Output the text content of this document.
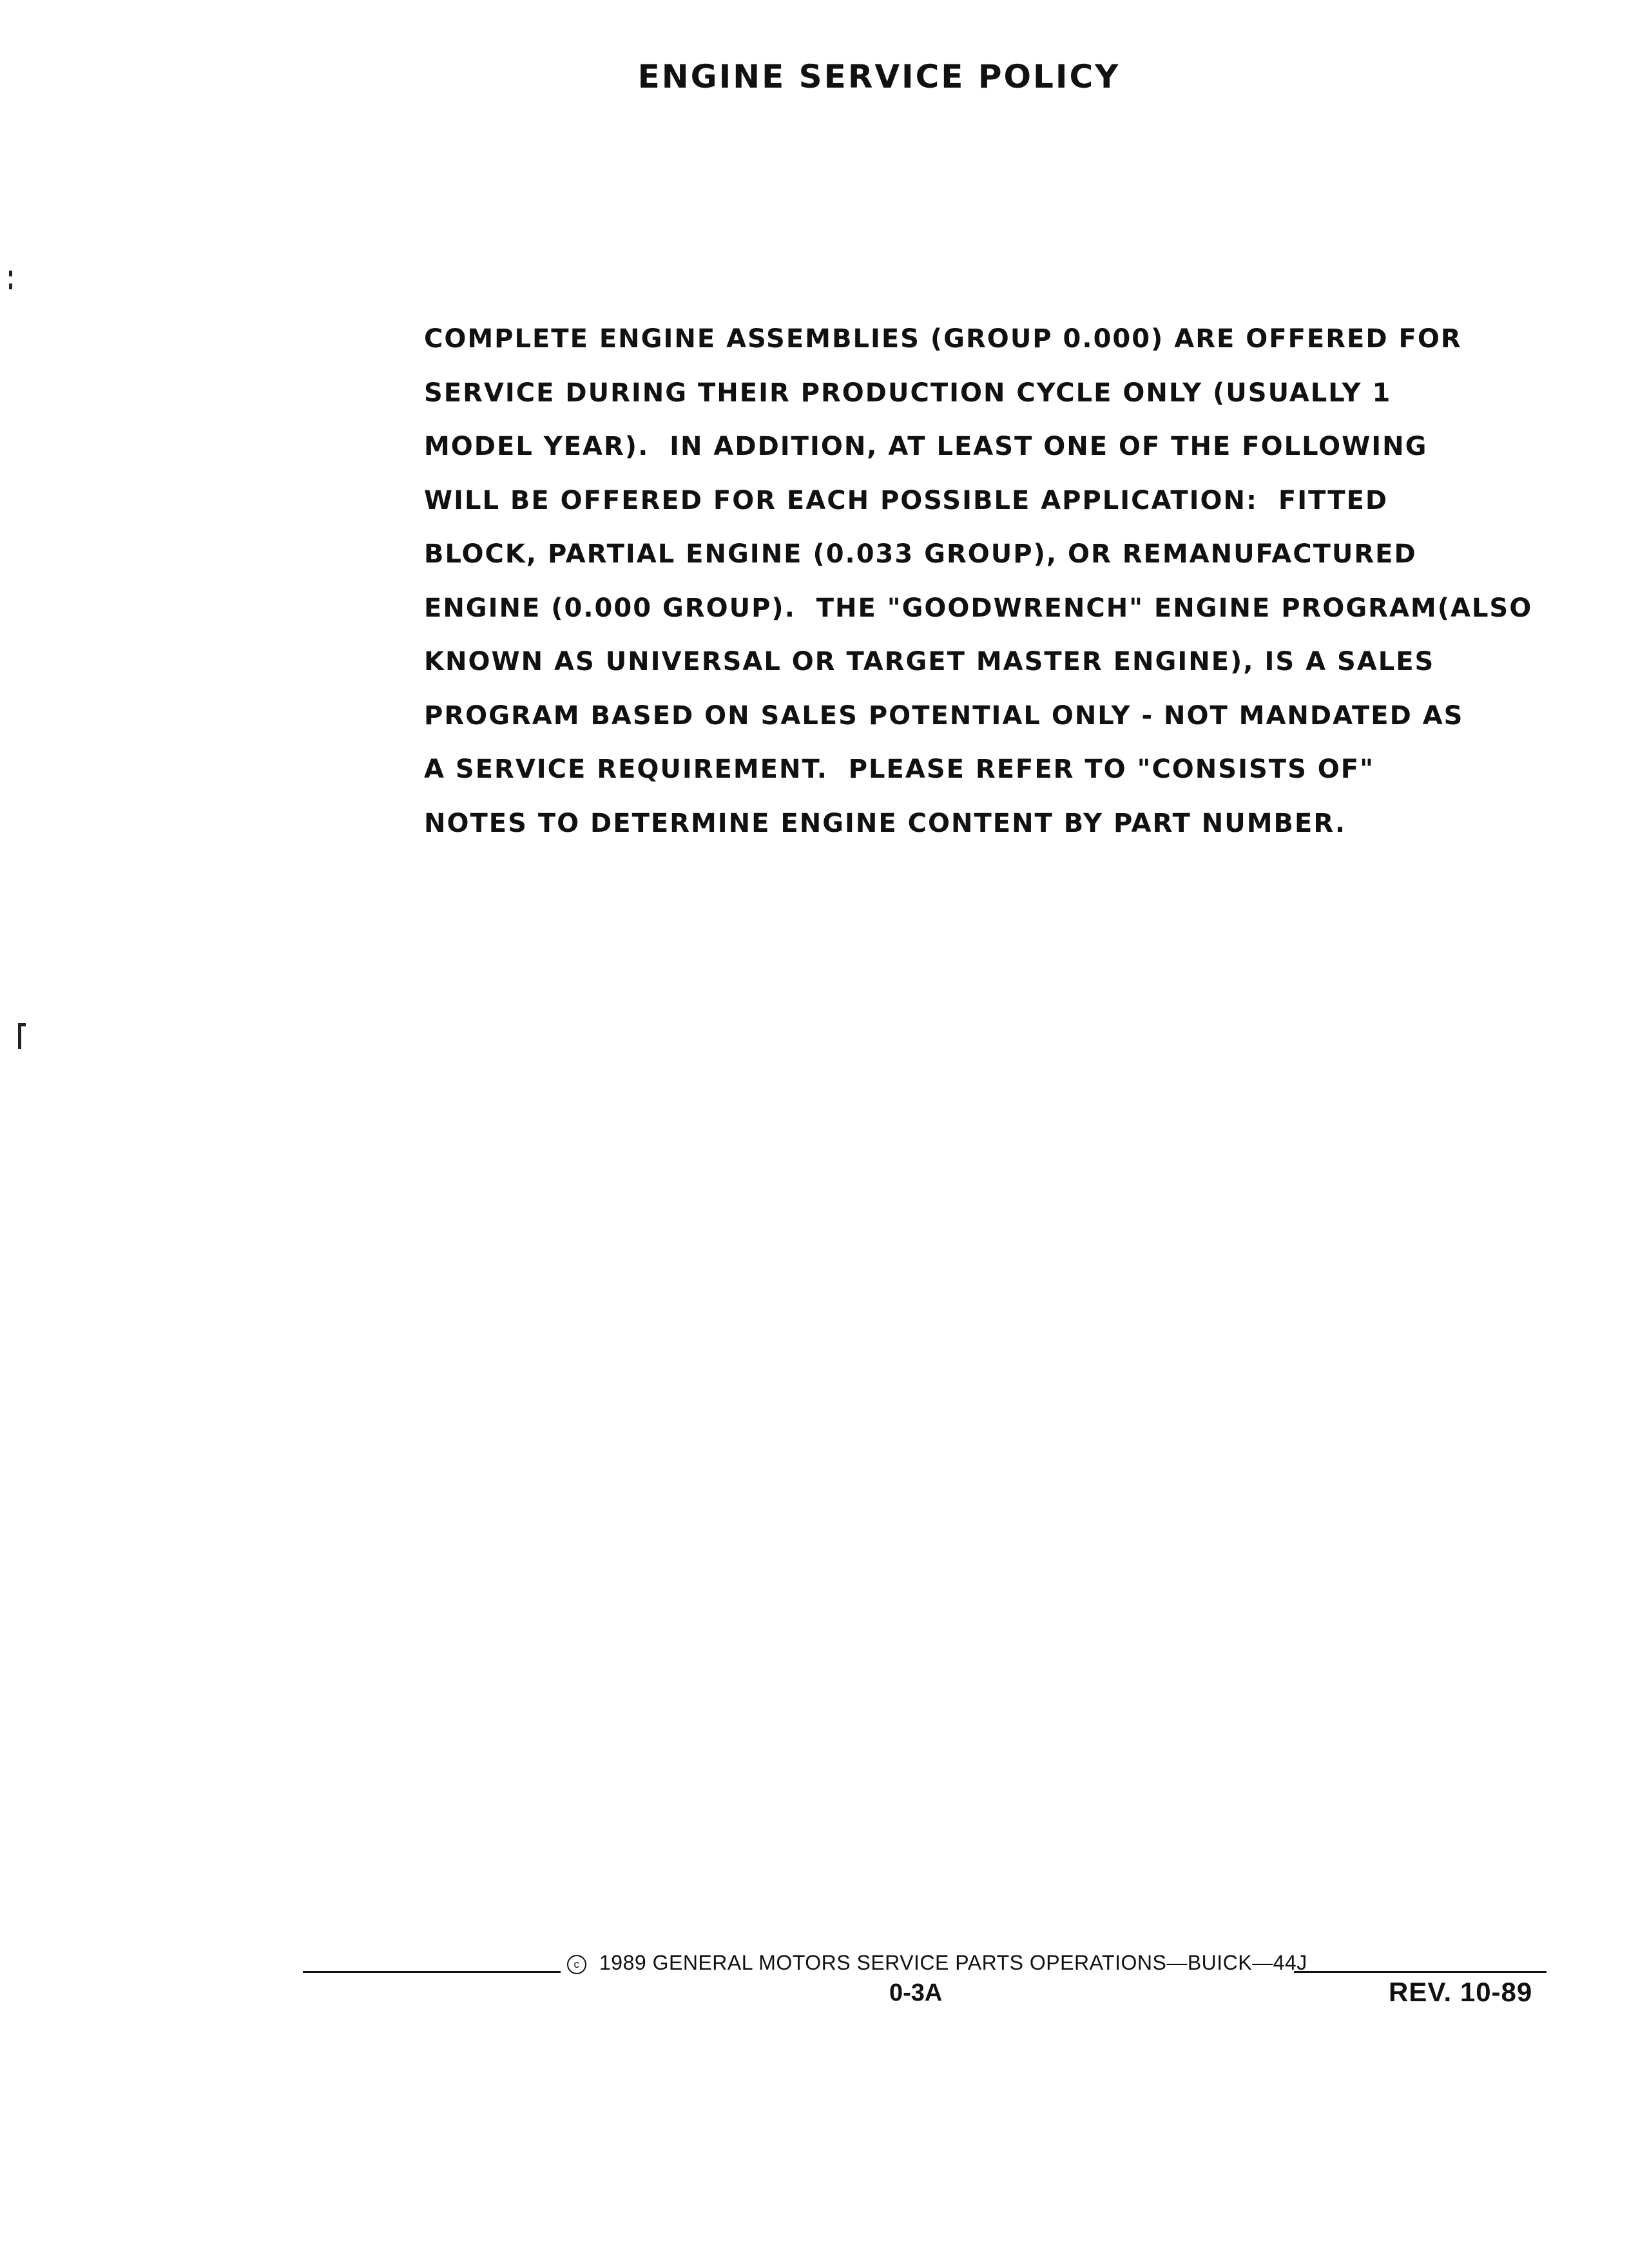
ENGINE SERVICE POLICY
COMPLETE ENGINE ASSEMBLIES (GROUP 0.000) ARE OFFERED FOR
SERVICE DURING THEIR PRODUCTION CYCLE ONLY (USUALLY 1
MODEL YEAR).  IN ADDITION, AT LEAST ONE OF THE FOLLOWING
WILL BE OFFERED FOR EACH POSSIBLE APPLICATION:  FITTED
BLOCK, PARTIAL ENGINE (0.033 GROUP), OR REMANUFACTURED
ENGINE (0.000 GROUP).  THE "GOODWRENCH" ENGINE PROGRAM(ALSO
KNOWN AS UNIVERSAL OR TARGET MASTER ENGINE), IS A SALES
PROGRAM BASED ON SALES POTENTIAL ONLY - NOT MANDATED AS
A SERVICE REQUIREMENT.  PLEASE REFER TO "CONSISTS OF"
NOTES TO DETERMINE ENGINE CONTENT BY PART NUMBER.
c 1989 GENERAL MOTORS SERVICE PARTS OPERATIONS—BUICK—44J
0-3A	REV. 10-89
